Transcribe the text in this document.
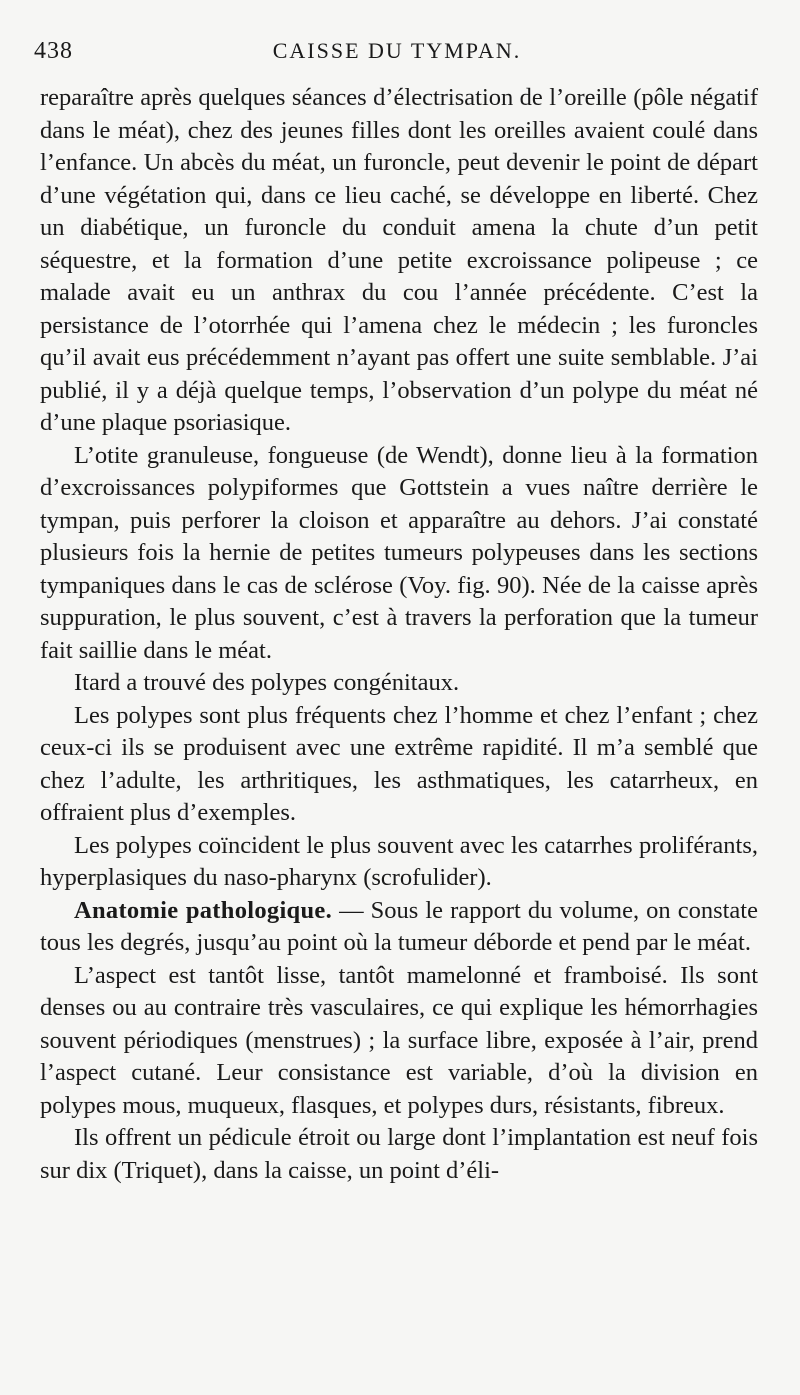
438	CAISSE DU TYMPAN.

reparaître après quelques séances d’électrisation de l’oreille (pôle négatif dans le méat), chez des jeunes filles dont les oreilles avaient coulé dans l’enfance. Un abcès du méat, un furoncle, peut devenir le point de départ d’une végétation qui, dans ce lieu caché, se développe en liberté. Chez un diabétique, un furoncle du conduit amena la chute d’un petit séquestre, et la formation d’une petite excroissance polipeuse ; ce malade avait eu un anthrax du cou l’année précédente. C’est la persistance de l’otorrhée qui l’amena chez le médecin ; les furoncles qu’il avait eus précédemment n’ayant pas offert une suite semblable. J’ai publié, il y a déjà quelque temps, l’observation d’un polype du méat né d’une plaque psoriasique.

L’otite granuleuse, fongueuse (de Wendt), donne lieu à la formation d’excroissances polypiformes que Gottstein a vues naître derrière le tympan, puis perforer la cloison et apparaître au dehors. J’ai constaté plusieurs fois la hernie de petites tumeurs polypeuses dans les sections tympaniques dans le cas de sclérose (Voy. fig. 90). Née de la caisse après suppuration, le plus souvent, c’est à travers la perforation que la tumeur fait saillie dans le méat.

Itard a trouvé des polypes congénitaux.

Les polypes sont plus fréquents chez l’homme et chez l’enfant ; chez ceux-ci ils se produisent avec une extrême rapidité. Il m’a semblé que chez l’adulte, les arthritiques, les asthmatiques, les catarrheux, en offraient plus d’exemples.

Les polypes coïncident le plus souvent avec les catarrhes proliférants, hyperplasiques du naso-pharynx (scrofulider).

Anatomie pathologique. — Sous le rapport du volume, on constate tous les degrés, jusqu’au point où la tumeur déborde et pend par le méat.

L’aspect est tantôt lisse, tantôt mamelonné et framboisé. Ils sont denses ou au contraire très vasculaires, ce qui explique les hémorrhagies souvent périodiques (menstrues) ; la surface libre, exposée à l’air, prend l’aspect cutané. Leur consistance est variable, d’où la division en polypes mous, muqueux, flasques, et polypes durs, résistants, fibreux.

Ils offrent un pédicule étroit ou large dont l’implantation est neuf fois sur dix (Triquet), dans la caisse, un point d’éli-
